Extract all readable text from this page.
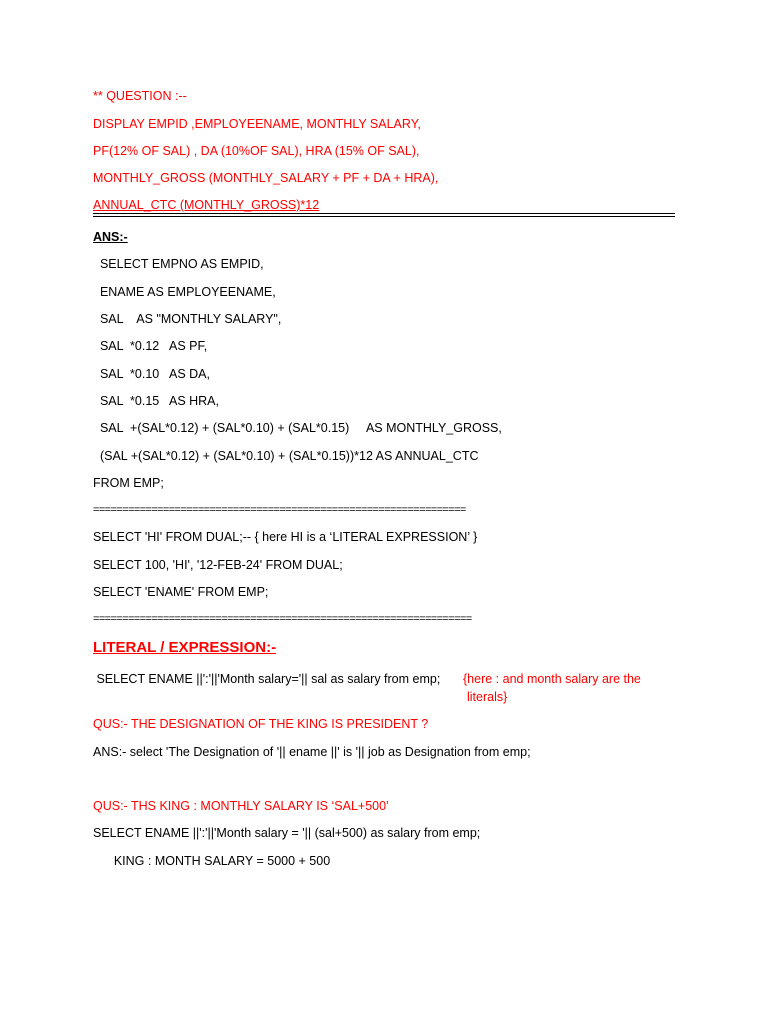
** QUESTION :--
DISPLAY EMPID ,EMPLOYEENAME, MONTHLY SALARY,
PF(12% OF SAL) , DA (10%OF SAL), HRA (15% OF SAL),
MONTHLY_GROSS (MONTHLY_SALARY + PF + DA + HRA),
ANNUAL_CTC (MONTHLY_GROSS)*12
ANS:-
SELECT EMPNO AS EMPID,
ENAME AS EMPLOYEENAME,
SAL    AS "MONTHLY SALARY",
SAL  *0.12   AS PF,
SAL  *0.10   AS DA,
SAL  *0.15   AS HRA,
SAL  +(SAL*0.12) + (SAL*0.10) + (SAL*0.15)     AS MONTHLY_GROSS,
(SAL +(SAL*0.12) + (SAL*0.10) + (SAL*0.15))*12 AS ANNUAL_CTC
FROM EMP;
================================================================
SELECT 'HI' FROM DUAL;-- { here HI is a ‘LITERAL EXPRESSION’ }
SELECT 100, 'HI', '12-FEB-24' FROM DUAL;
SELECT 'ENAME' FROM EMP;
=================================================================
LITERAL / EXPRESSION:-
SELECT ENAME ||':'||'Month salary='|| sal as salary from emp; {here : and month salary are the
literals}
QUS:- THE DESIGNATION OF THE KING IS PRESIDENT ?
ANS:- select 'The Designation of '|| ename ||' is '|| job as Designation from emp;
QUS:- THS KING : MONTHLY SALARY IS ‘SAL+500’
SELECT ENAME ||':'||'Month salary = '|| (sal+500) as salary from emp;
KING : MONTH SALARY = 5000 + 500
